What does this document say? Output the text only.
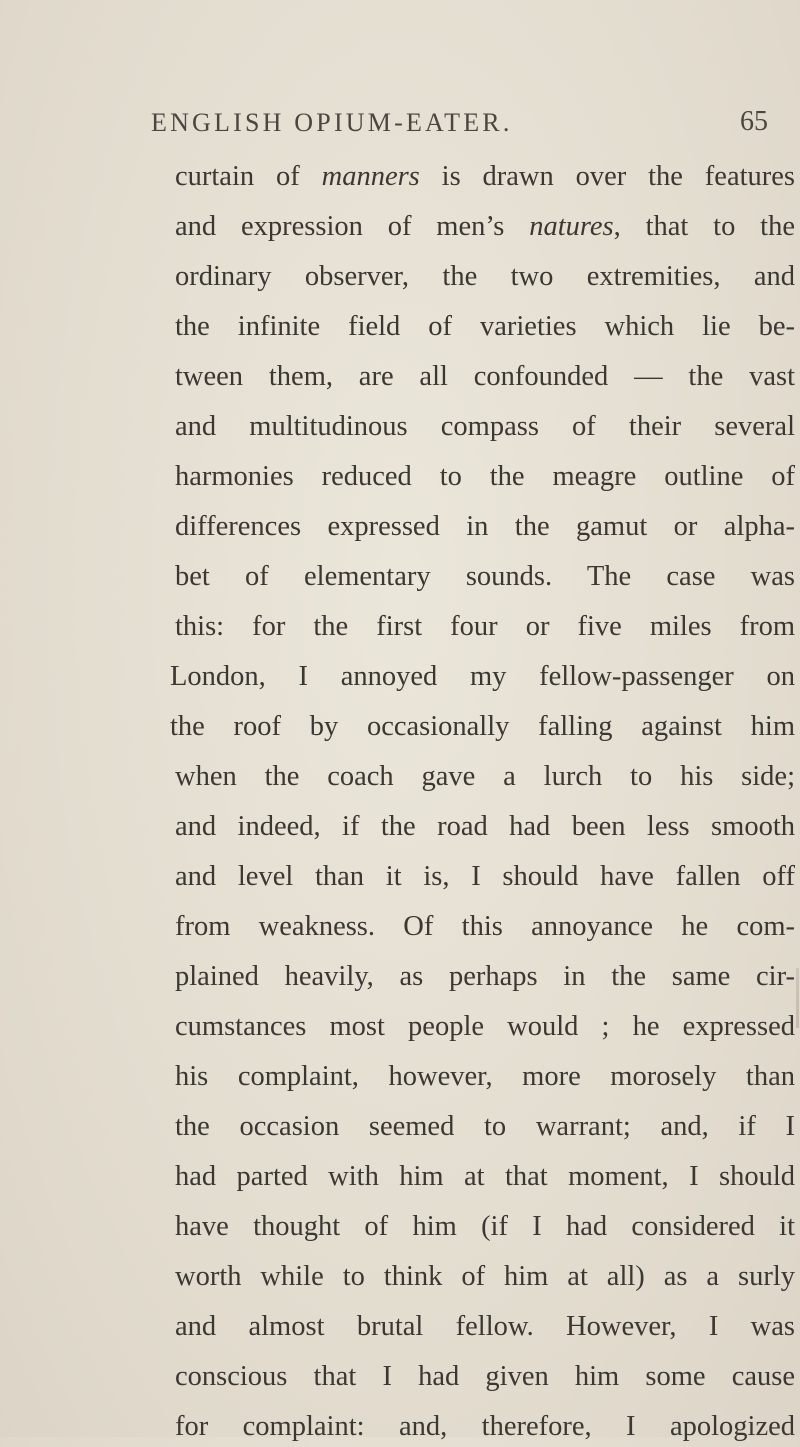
ENGLISH OPIUM-EATER.	65
curtain of manners is drawn over the features
and expression of men’s natures, that to the
ordinary observer, the two extremities, and
the infinite field of varieties which lie be-
tween them, are all confounded — the vast
and multitudinous compass of their several
harmonies reduced to the meagre outline of
differences expressed in the gamut or alpha-
bet of elementary sounds. The case was
this: for the first four or five miles from
London, I annoyed my fellow-passenger on
the roof by occasionally falling against him
when the coach gave a lurch to his side;
and indeed, if the road had been less smooth
and level than it is, I should have fallen off
from weakness. Of this annoyance he com-
plained heavily, as perhaps in the same cir-
cumstances most people would ; he expressed
his complaint, however, more morosely than
the occasion seemed to warrant; and, if I
had parted with him at that moment, I should
have thought of him (if I had considered it
worth while to think of him at all) as a surly
and almost brutal fellow. However, I was
conscious that I had given him some cause
for complaint: and, therefore, I apologized
